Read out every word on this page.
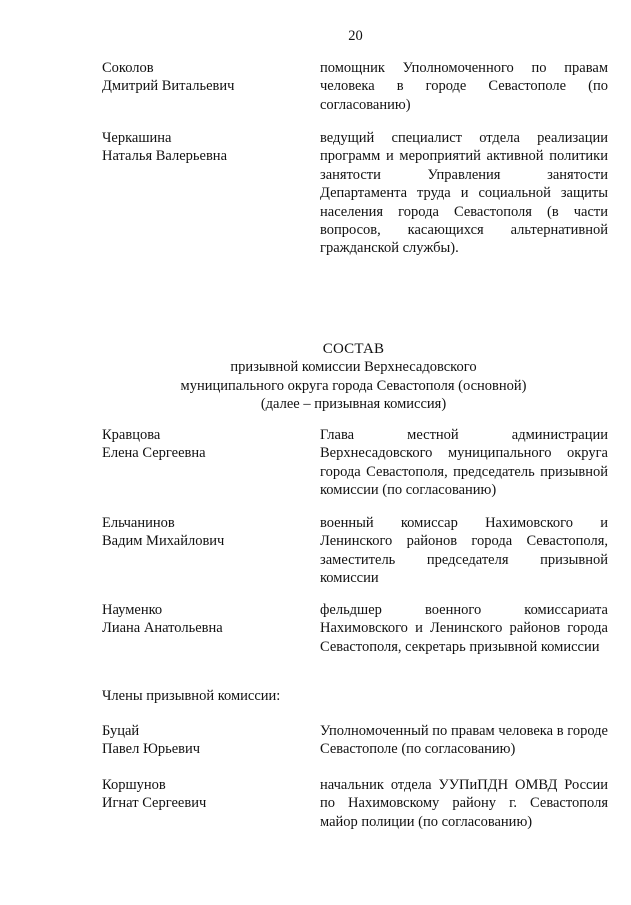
20
Соколов
Дмитрий Витальевич
помощник Уполномоченного по правам человека в городе Севастополе (по согласованию)
Черкашина
Наталья Валерьевна
ведущий специалист отдела реализации программ и мероприятий активной политики занятости Управления занятости Департамента труда и социальной защиты населения города Севастополя (в части вопросов, касающихся альтернативной гражданской службы).
СОСТАВ
призывной комиссии Верхнесадовского
муниципального округа города Севастополя (основной)
(далее – призывная комиссия)
Кравцова
Елена Сергеевна
Глава местной администрации Верхнесадовского муниципального округа города Севастополя, председатель призывной комиссии (по согласованию)
Ельчанинов
Вадим Михайлович
военный комиссар Нахимовского и Ленинского районов города Севастополя, заместитель председателя призывной комиссии
Науменко
Лиана Анатольевна
фельдшер военного комиссариата Нахимовского и Ленинского районов города Севастополя, секретарь призывной комиссии
Члены призывной комиссии:
Буцай
Павел Юрьевич
Уполномоченный по правам человека в городе Севастополе (по согласованию)
Коршунов
Игнат Сергеевич
начальник отдела УУПиПДН ОМВД России по Нахимовскому району г. Севастополя майор полиции (по согласованию)
